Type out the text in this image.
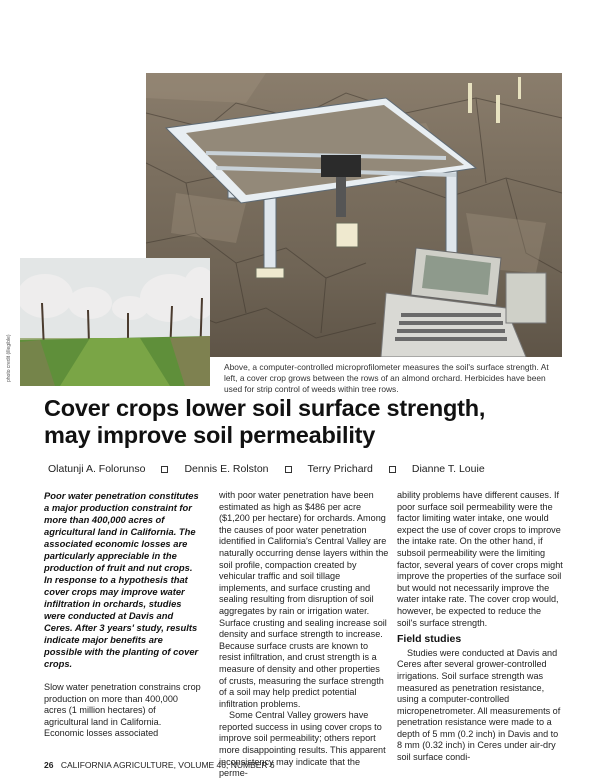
photo credit (illegible)	Above, a computer-controlled microprofilometer measures the soil's surface strength. At left, a cover crop grows between the rows of an almond orchard. Herbicides have been used for strip control of weeds within tree rows.
Cover crops lower soil surface strength,
may improve soil permeability
Olatunji A. Folorunso	Dennis E. Rolston	Terry Prichard	Dianne T. Louie

Poor water penetration constitutes a major production constraint for more than 400,000 acres of agricultural land in California. The associated economic losses are particularly appreciable in the production of fruit and nut crops. In response to a hypothesis that cover crops may improve water infiltration in orchards, studies were conducted at Davis and Ceres. After 3 years' study, results indicate major benefits are possible with the planting of cover crops.

Slow water penetration constrains crop production on more than 400,000 acres (1 million hectares) of agricultural land in California. Economic losses associated

with poor water penetration have been estimated as high as $486 per acre ($1,200 per hectare) for orchards. Among the causes of poor water penetration identified in California's Central Valley are naturally occurring dense layers within the soil profile, compaction created by vehicular traffic and soil tillage implements, and surface crusting and sealing resulting from disruption of soil aggregates by rain or irrigation water. Surface crusting and sealing increase soil density and surface strength to increase. Because surface crusts are known to resist infiltration, and crust strength is a measure of density and other properties of crusts, measuring the surface strength of a soil may help predict potential infiltration problems.

Some Central Valley growers have reported success in using cover crops to improve soil permeability; others report more disappointing results. This apparent inconsistency may indicate that the perme-

ability problems have different causes. If poor surface soil permeability were the factor limiting water intake, one would expect the use of cover crops to improve the intake rate. On the other hand, if subsoil permeability were the limiting factor, several years of cover crops might improve the properties of the surface soil but would not necessarily improve the water intake rate. The cover crop would, however, be expected to reduce the soil's surface strength.

Field studies

Studies were conducted at Davis and Ceres after several grower-controlled irrigations. Soil surface strength was measured as penetration resistance, using a computer-controlled micropenetrometer. All measurements of penetration resistance were made to a depth of 5 mm (0.2 inch) in Davis and to 8 mm (0.32 inch) in Ceres under air-dry soil surface condi-

26 CALIFORNIA AGRICULTURE, VOLUME 46, NUMBER 6
